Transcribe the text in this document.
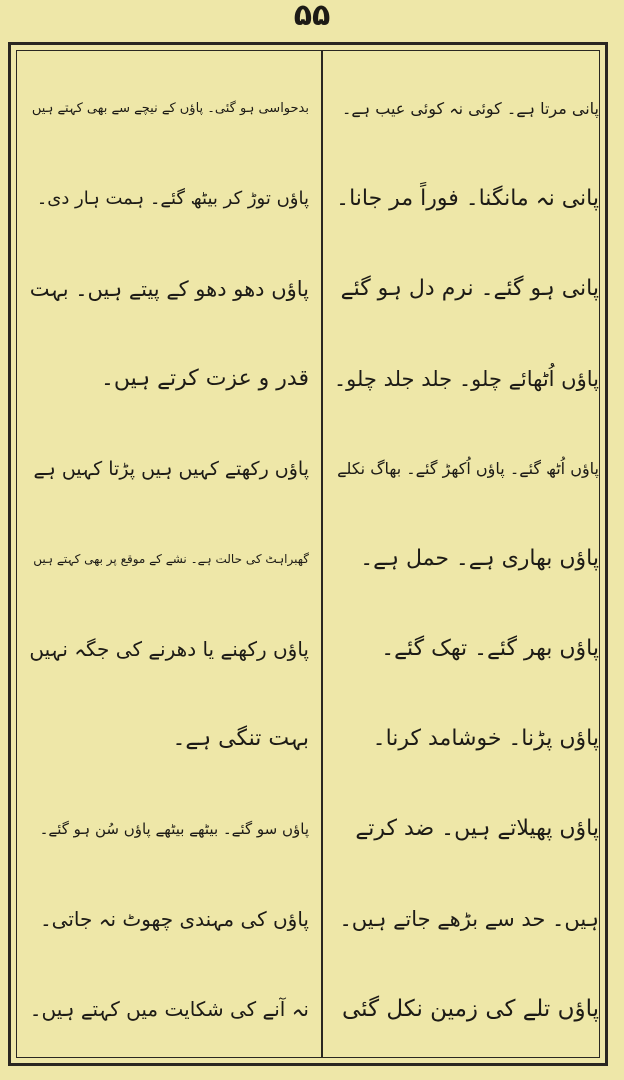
۵۵
پانی مرتا ہے۔ کوئی نہ کوئی عیب ہے۔
پانی نہ مانگنا۔ فوراً مر جانا۔
پانی ہو گئے۔ نرم دل ہو گئے
پاؤں اُٹھائے چلو۔ جلد جلد چلو۔
پاؤں اُٹھ گئے۔ پاؤں اُکھڑ گئے۔ بھاگ نکلے
پاؤں بھاری ہے۔ حمل ہے۔
پاؤں بھر گئے۔ تھک گئے۔
پاؤں پڑنا۔ خوشامد کرنا۔
پاؤں پھیلاتے ہیں۔ ضد کرتے
ہیں۔ حد سے بڑھے جاتے ہیں۔
پاؤں تلے کی زمین نکل گئی
بدحواسی ہو گئی۔ پاؤں کے نیچے سے بھی کہتے ہیں
پاؤں توڑ کر بیٹھ گئے۔ ہمت ہار دی۔
پاؤں دھو دھو کے پیتے ہیں۔ بہت
قدر و عزت کرتے ہیں۔
پاؤں رکھتے کہیں ہیں پڑتا کہیں ہے
گھبراہٹ کی حالت ہے۔ نشے کے موقع پر بھی کہتے ہیں
پاؤں رکھنے یا دھرنے کی جگہ نہیں
بہت تنگی ہے۔
پاؤں سو گئے۔ بیٹھے بیٹھے پاؤں سُن ہو گئے۔
پاؤں کی مہندی چھوٹ نہ جاتی۔
نہ آنے کی شکایت میں کہتے ہیں۔
